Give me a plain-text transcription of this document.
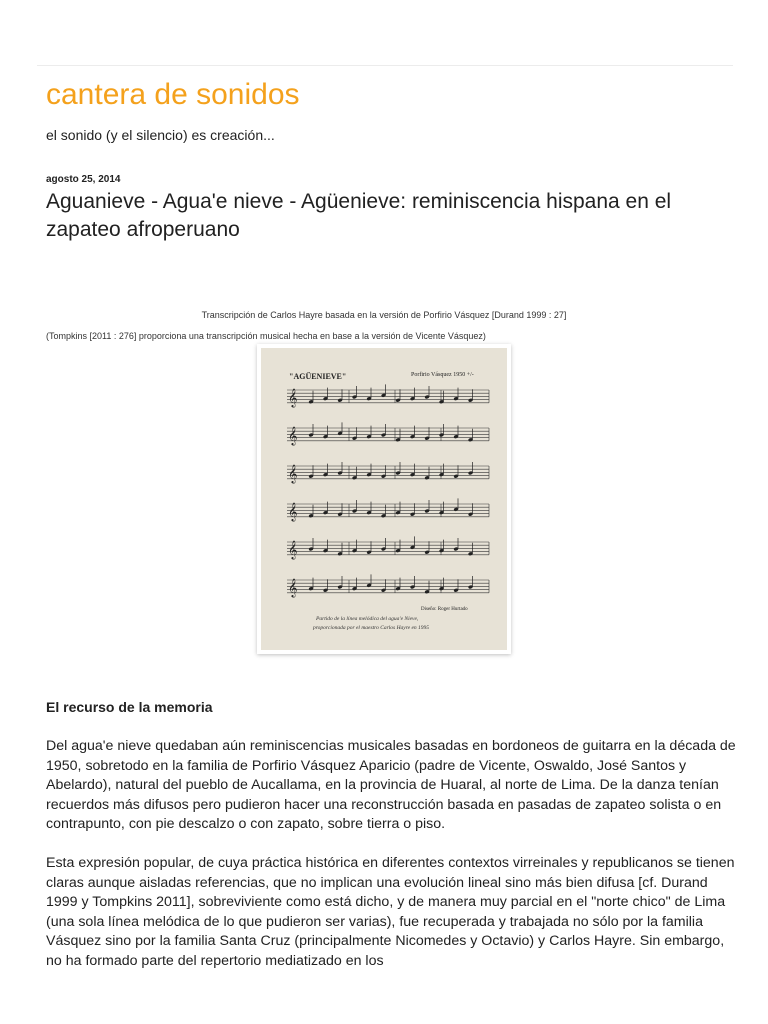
cantera de sonidos
el sonido (y el silencio) es creación...
agosto 25, 2014
Aguanieve - Agua'e nieve - Agüenieve: reminiscencia hispana en el zapateo afroperuano
Transcripción de Carlos Hayre basada en la versión de Porfirio Vásquez [Durand 1999 : 27]
(Tompkins [2011 : 276] proporciona una transcripción musical hecha en base a la versión de Vicente Vásquez)
"AGÜENIEVE"	Porfirio Vásquez 1950 +/-
𝄞
𝄞
𝄞
𝄞
𝄞
𝄞
Diseño: Roger Hurtado
Partido de la línea melódica del agua'e Nieve,
proporcionada por el maestro Carlos Hayre en 1995
El recurso de la memoria

Del agua'e nieve quedaban aún reminiscencias musicales basadas en bordoneos de guitarra en la década de 1950, sobretodo en la familia de Porfirio Vásquez Aparicio (padre de Vicente, Oswaldo, José Santos y Abelardo), natural del pueblo de Aucallama, en la provincia de Huaral, al norte de Lima. De la danza tenían recuerdos más difusos pero pudieron hacer una reconstrucción basada en pasadas de zapateo solista o en contrapunto, con pie descalzo o con zapato, sobre tierra o piso.

Esta expresión popular, de cuya práctica histórica en diferentes contextos virreinales y republicanos se tienen claras aunque aisladas referencias, que no implican una evolución lineal sino más bien difusa [cf. Durand 1999 y Tompkins 2011], sobreviviente como está dicho, y de manera muy parcial en el "norte chico" de Lima (una sola línea melódica de lo que pudieron ser varias), fue recuperada y trabajada no sólo por la familia Vásquez sino por la familia Santa Cruz (principalmente Nicomedes y Octavio) y Carlos Hayre. Sin embargo, no ha formado parte del repertorio mediatizado en los
